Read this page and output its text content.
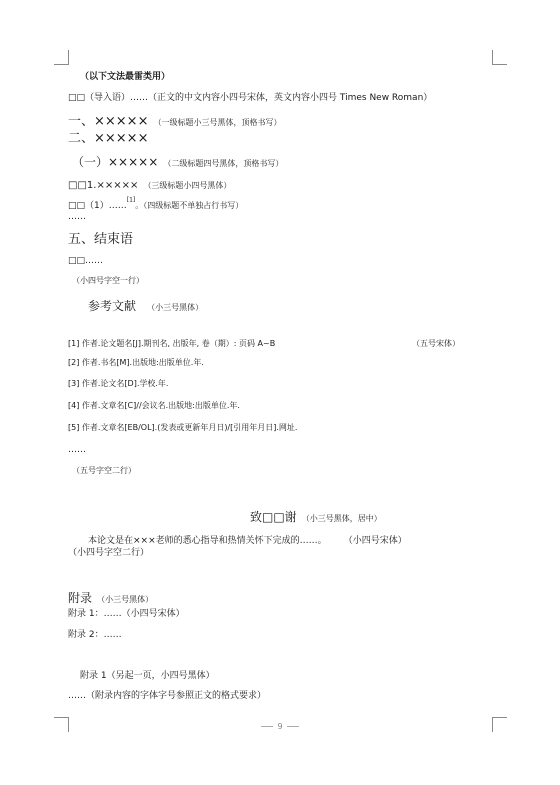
（以下文法最雷类用）
□□（导入语）……（正文的中文内容小四号宋体，英文内容小四号 Times New Roman）
一、××××× （一级标题小三号黑体，顶格书写）
二、×××××
（一）××××× （二级标题四号黑体，顶格书写）
□□1.××××× （三级标题小四号黑体）
□□（1）……[1]。（四级标题不单独占行书写）
……
五、结束语
□□……
（小四号字空一行）
参考文献 （小三号黑体）
[1] 作者.论文题名[J].期刊名, 出版年, 卷（期）: 页码 A~B	（五号宋体）
[2] 作者.书名[M].出版地:出版单位.年.
[3] 作者.论文名[D].学校.年.
[4] 作者.文章名[C]//会议名.出版地:出版单位.年.
[5] 作者.文章名[EB/OL].(发表或更新年月日)/[引用年月日].网址.
……
（五号字空二行）
致□□谢 （小三号黑体，居中）
本论文是在×××老师的悉心指导和热情关怀下完成的……。 （小四号宋体）
（小四号字空二行）
附录 （小三号黑体）
附录 1：……（小四号宋体）
附录 2：……
附录 1（另起一页，小四号黑体）
……（附录内容的字体字号参照正文的格式要求）
9
